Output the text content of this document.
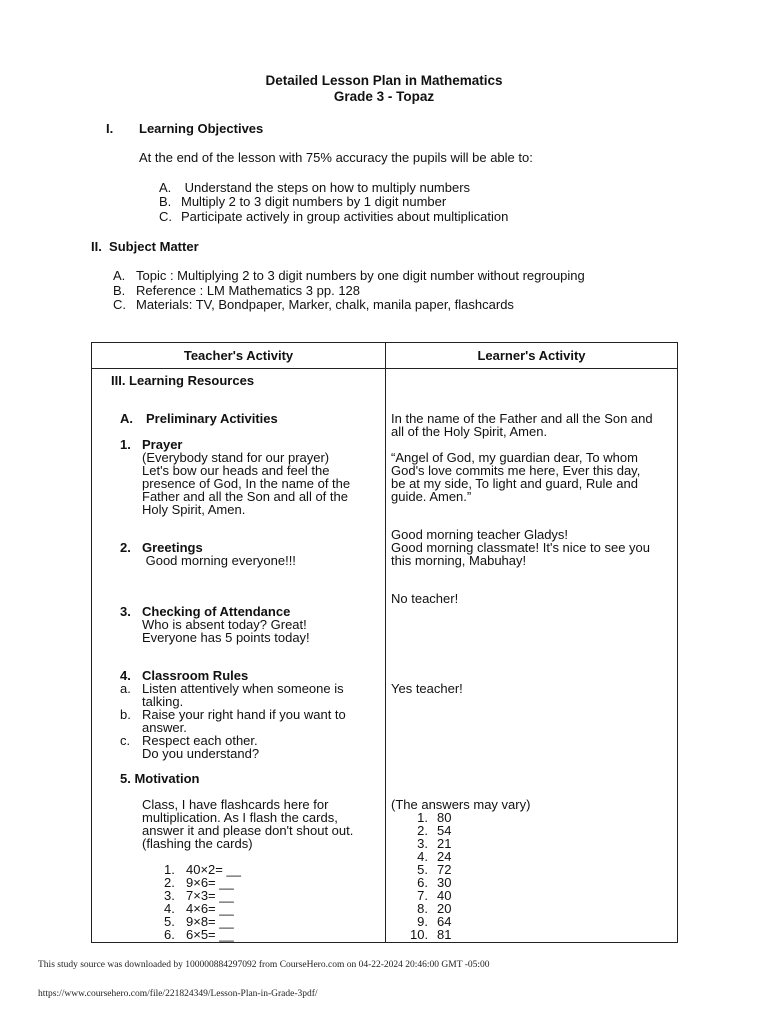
Detailed Lesson Plan in Mathematics
Grade 3 - Topaz
I. Learning Objectives
At the end of the lesson with 75% accuracy the pupils will be able to:
A. Understand the steps on how to multiply numbers
B. Multiply 2 to 3 digit numbers by 1 digit number
C. Participate actively in group activities about multiplication
II.  Subject Matter
A. Topic : Multiplying 2 to 3 digit numbers by one digit number without regrouping
B. Reference : LM Mathematics 3 pp. 128
C. Materials: TV, Bondpaper, Marker, chalk, manila paper, flashcards
Teacher's Activity	Learner's Activity
III. Learning Resources
A. Preliminary Activities
1. Prayer
(Everybody stand for our prayer)
Let's bow our heads and feel the
presence of God, In the name of the
Father and all the Son and all of the
Holy Spirit, Amen.
2. Greetings
Good morning everyone!!!
3. Checking of Attendance
Who is absent today? Great!
Everyone has 5 points today!
4. Classroom Rules
a. Listen attentively when someone is
talking.
b. Raise your right hand if you want to
answer.
c. Respect each other.
Do you understand?
5. Motivation
Class, I have flashcards here for
multiplication. As I flash the cards,
answer it and please don't shout out.
(flashing the cards)
1. 40×2= __
2. 9×6= __
3. 7×3= __
4. 4×6= __
5. 9×8= __
6. 6×5= __
In the name of the Father and all the Son and
all of the Holy Spirit, Amen.
“Angel of God, my guardian dear, To whom
God's love commits me here, Ever this day,
be at my side, To light and guard, Rule and
guide. Amen.”
Good morning teacher Gladys!
Good morning classmate! It's nice to see you
this morning, Mabuhay!
No teacher!
Yes teacher!
(The answers may vary)
1. 80
2. 54
3. 21
4. 24
5. 72
6. 30
7. 40
8. 20
9. 64
10. 81
This study source was downloaded by 100000884297092 from CourseHero.com on 04-22-2024 20:46:00 GMT -05:00
https://www.coursehero.com/file/221824349/Lesson-Plan-in-Grade-3pdf/
